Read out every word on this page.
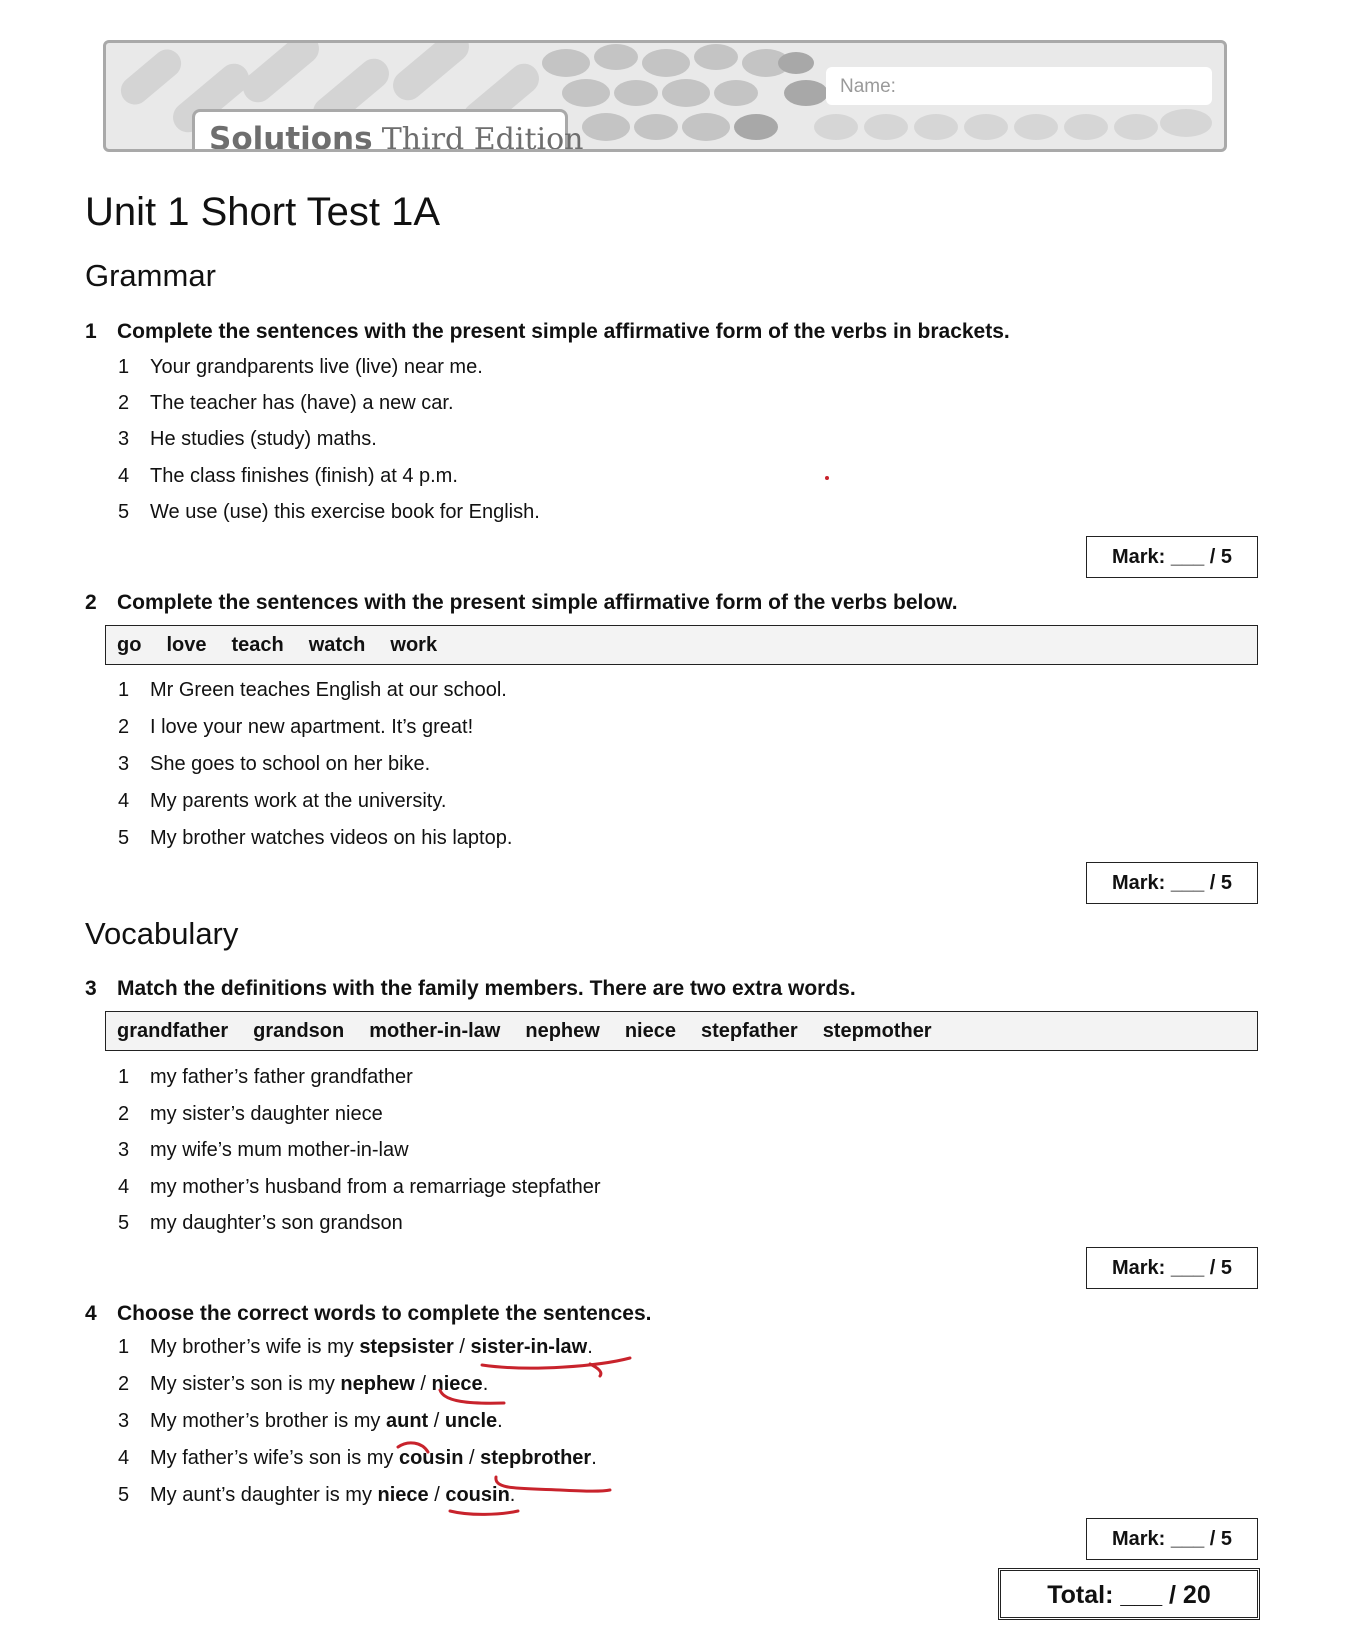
Name:
Solutions Third Edition
Unit 1 Short Test 1A
Grammar
1 Complete the sentences with the present simple affirmative form of the verbs in brackets.
1 Your grandparents live (live) near me.
2 The teacher has (have) a new car.
3 He studies (study) maths.
4 The class finishes (finish) at 4 p.m.
5 We use (use) this exercise book for English.
Mark: ___ / 5
2 Complete the sentences with the present simple affirmative form of the verbs below.
go love teach watch work
1 Mr Green teaches English at our school.
2 I love your new apartment. It’s great!
3 She goes to school on her bike.
4 My parents work at the university.
5 My brother watches videos on his laptop.
Mark: ___ / 5
Vocabulary
3 Match the definitions with the family members. There are two extra words.
grandfather grandson mother-in-law nephew niece stepfather stepmother
1 my father’s father grandfather
2 my sister’s daughter niece
3 my wife’s mum mother-in-law
4 my mother’s husband from a remarriage stepfather
5 my daughter’s son grandson
Mark: ___ / 5
4 Choose the correct words to complete the sentences.
1 My brother’s wife is my stepsister / sister-in-law.
2 My sister’s son is my nephew / niece.
3 My mother’s brother is my aunt / uncle.
4 My father’s wife’s son is my cousin / stepbrother.
5 My aunt’s daughter is my niece / cousin.
Mark: ___ / 5
Total: ___ / 20
